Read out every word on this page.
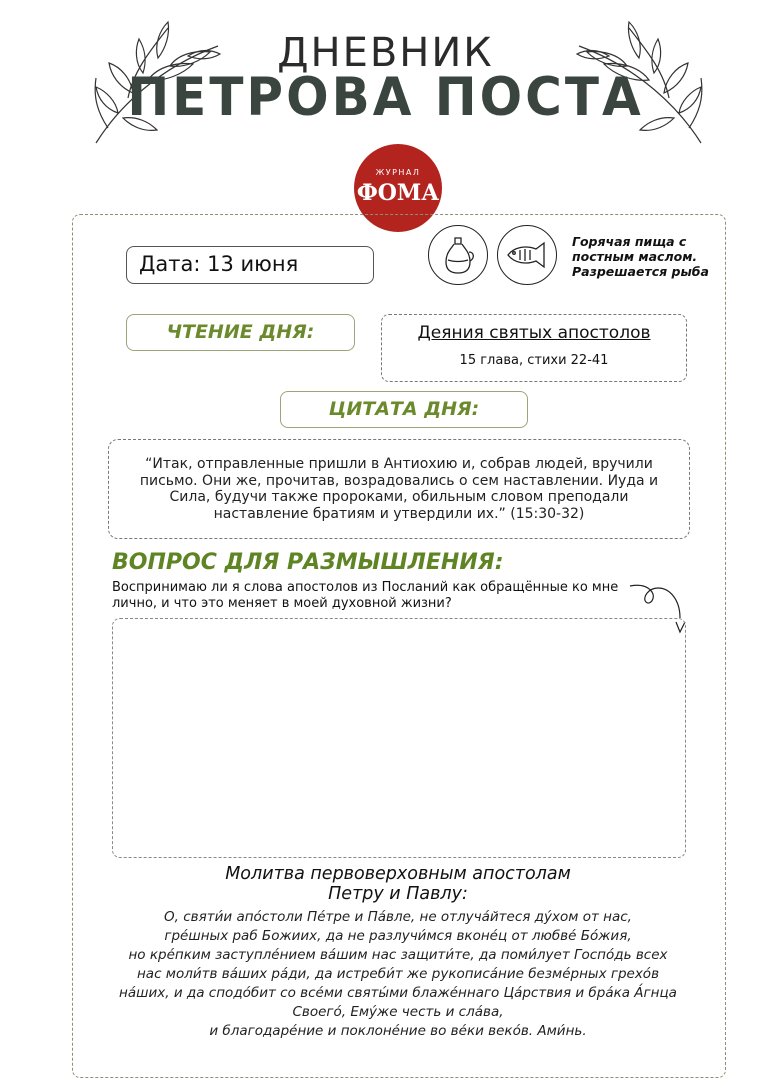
ДНЕВНИК
ПЕТРОВА ПОСТА
ЖУРНАЛ
ФОМА
Дата: 13 июня
Горячая пища с постным маслом. Разрешается рыба
ЧТЕНИЕ ДНЯ:	Деяния святых апостолов
15 глава, стихи 22-41
ЦИТАТА ДНЯ:
“Итак, отправленные пришли в Антиохию и, собрав людей, вручили письмо. Они же, прочитав, возрадовались о сем наставлении. Иуда и Сила, будучи также пророками, обильным словом преподали наставление братиям и утвердили их.” (15:30-32)
ВОПРОС ДЛЯ РАЗМЫШЛЕНИЯ:
Воспринимаю ли я слова апостолов из Посланий как обращённые ко мне лично, и что это меняет в моей духовной жизни?
Молитва первоверховным апостолам
Петру и Павлу:
О, святи́и апо́столи Пе́тре и Па́вле, не отлуча́йтеся ду́хом от нас,
гре́шных раб Божиих, да не разлучи́мся вконе́ц от любве́ Бо́жия,
но кре́пким заступле́нием ва́шим нас защити́те, да поми́лует Госпо́дь всех
нас моли́тв ва́ших ра́ди, да истреби́т же рукописа́ние безме́рных грехо́в
на́ших, и да сподо́бит со все́ми святы́ми блаже́ннаго Ца́рствия и бра́ка А́гнца
Своего́, Ему́же честь и сла́ва,
и благодаре́ние и поклоне́ние во ве́ки веко́в. Ами́нь.
